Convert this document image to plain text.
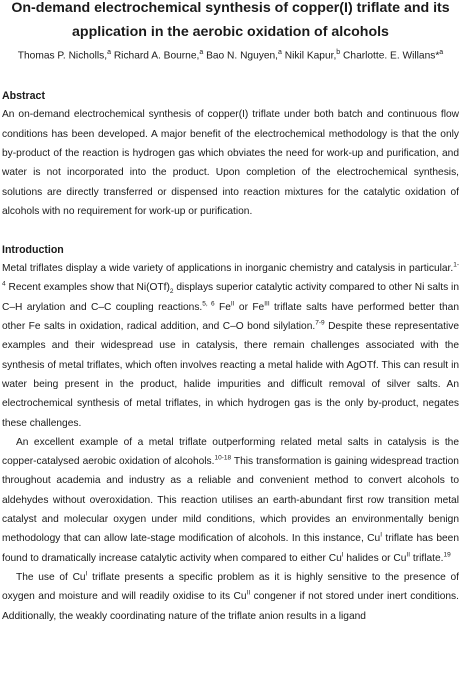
On-demand electrochemical synthesis of copper(I) triflate and its application in the aerobic oxidation of alcohols
Thomas P. Nicholls,$^a$ Richard A. Bourne,$^a$ Bao N. Nguyen,$^a$ Nikil Kapur,$^b$ Charlotte. E. Willans*$^a$
Abstract

An on-demand electrochemical synthesis of copper(I) triflate under both batch and continuous flow conditions has been developed. A major benefit of the electrochemical methodology is that the only by-product of the reaction is hydrogen gas which obviates the need for work-up and purification, and water is not incorporated into the product. Upon completion of the electrochemical synthesis, solutions are directly transferred or dispensed into reaction mixtures for the catalytic oxidation of alcohols with no requirement for work-up or purification.

Introduction

Metal triflates display a wide variety of applications in inorganic chemistry and catalysis in particular.$^{1-4}$ Recent examples show that $Ni(OTf)_2$ displays superior catalytic activity compared to other Ni salts in C–H arylation and C–C coupling reactions.$^{5, 6}$ $Fe^{II}$ or $Fe^{III}$ triflate salts have performed better than other Fe salts in oxidation, radical addition, and C–O bond silylation.$^{7-9}$ Despite these representative examples and their widespread use in catalysis, there remain challenges associated with the synthesis of metal triflates, which often involves reacting a metal halide with AgOTf. This can result in water being present in the product, halide impurities and difficult removal of silver salts. An electrochemical synthesis of metal triflates, in which hydrogen gas is the only by-product, negates these challenges.

An excellent example of a metal triflate outperforming related metal salts in catalysis is the copper-catalysed aerobic oxidation of alcohols.$^{10-18}$ This transformation is gaining widespread traction throughout academia and industry as a reliable and convenient method to convert alcohols to aldehydes without overoxidation. This reaction utilises an earth-abundant first row transition metal catalyst and molecular oxygen under mild conditions, which provides an environmentally benign methodology that can allow late-stage modification of alcohols. In this instance, $Cu^I$ triflate has been found to dramatically increase catalytic activity when compared to either $Cu^I$ halides or $Cu^{II}$ triflate.$^{19}$

The use of $Cu^I$ triflate presents a specific problem as it is highly sensitive to the presence of oxygen and moisture and will readily oxidise to its $Cu^{II}$ congener if not stored under inert conditions. Additionally, the weakly coordinating nature of the triflate anion results in a ligand
